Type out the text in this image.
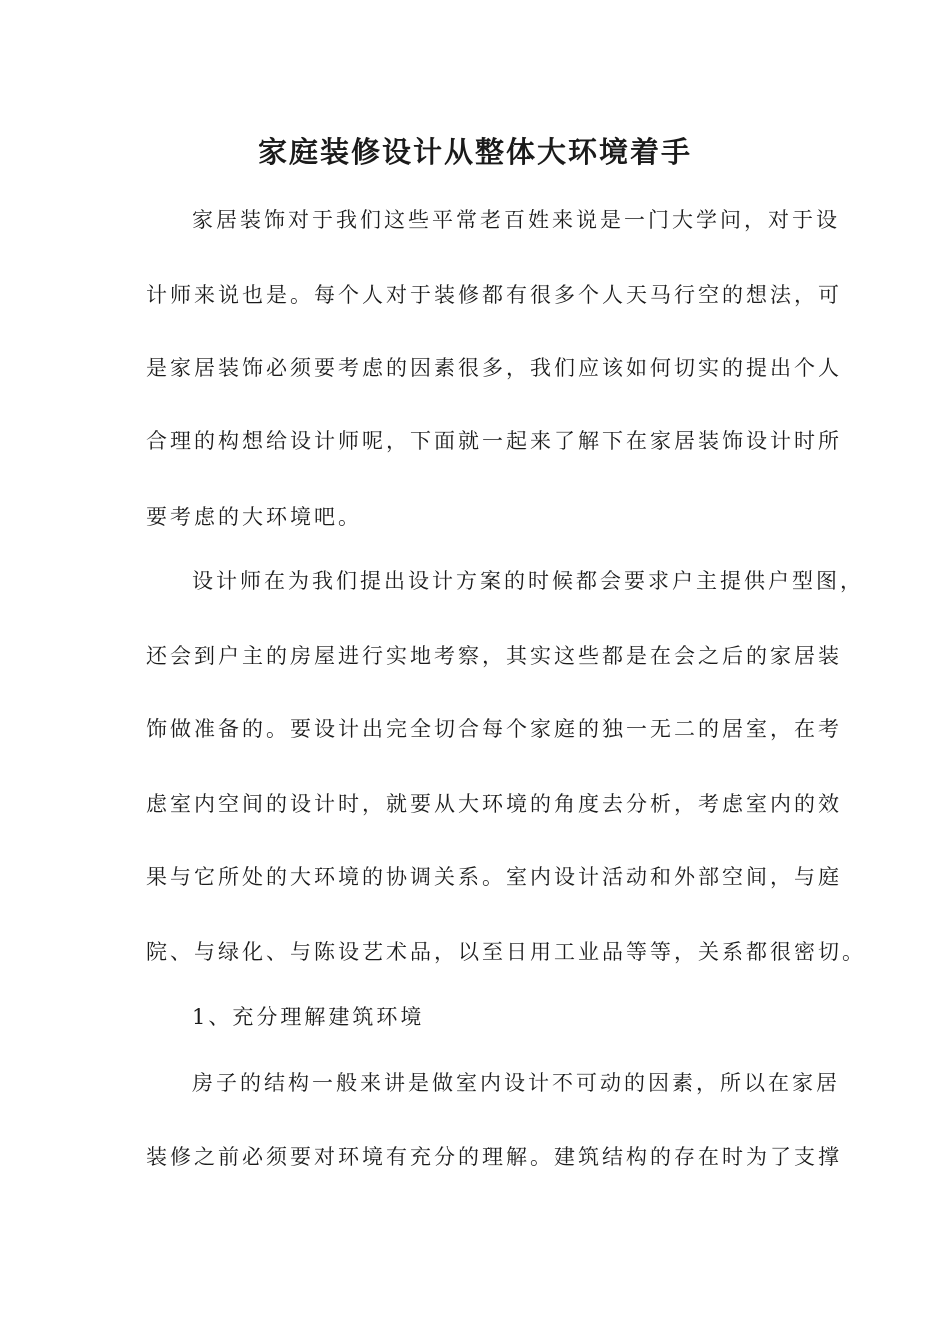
家庭装修设计从整体大环境着手
家居装饰对于我们这些平常老百姓来说是一门大学问，对于设
计师来说也是。每个人对于装修都有很多个人天马行空的想法，可
是家居装饰必须要考虑的因素很多，我们应该如何切实的提出个人
合理的构想给设计师呢，下面就一起来了解下在家居装饰设计时所
要考虑的大环境吧。
设计师在为我们提出设计方案的时候都会要求户主提供户型图，
还会到户主的房屋进行实地考察，其实这些都是在会之后的家居装
饰做准备的。要设计出完全切合每个家庭的独一无二的居室，在考
虑室内空间的设计时，就要从大环境的角度去分析，考虑室内的效
果与它所处的大环境的协调关系。室内设计活动和外部空间，与庭
院、与绿化、与陈设艺术品，以至日用工业品等等，关系都很密切。
1、充分理解建筑环境
房子的结构一般来讲是做室内设计不可动的因素，所以在家居
装修之前必须要对环境有充分的理解。建筑结构的存在时为了支撑
